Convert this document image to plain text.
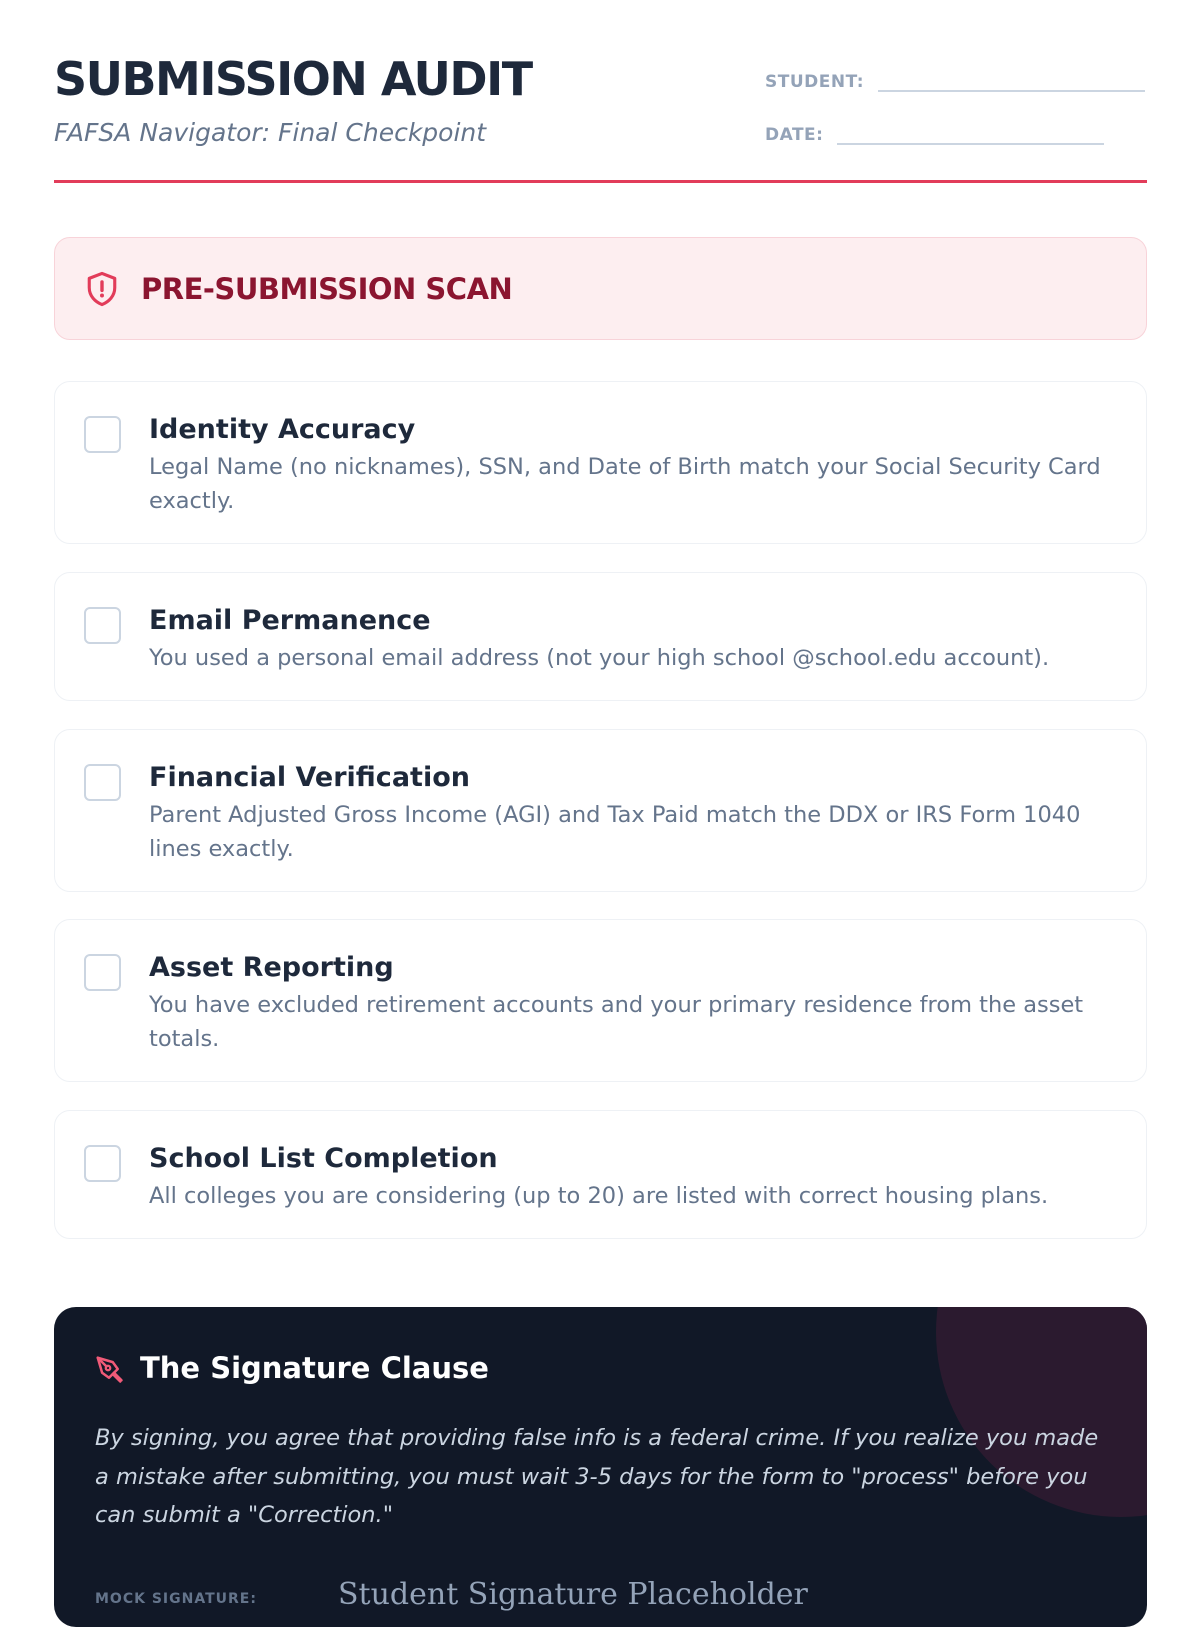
SUBMISSION AUDIT

FAFSA Navigator: Final Checkpoint

STUDENT:
DATE:
PRE-SUBMISSION SCAN
Identity Accuracy

Legal Name (no nicknames), SSN, and Date of Birth match your Social Security Card exactly.

Email Permanence

You used a personal email address (not your high school @school.edu account).

Financial Verification

Parent Adjusted Gross Income (AGI) and Tax Paid match the DDX or IRS Form 1040 lines exactly.

Asset Reporting

You have excluded retirement accounts and your primary residence from the asset totals.

School List Completion

All colleges you are considering (up to 20) are listed with correct housing plans.

The Signature Clause

By signing, you agree that providing false info is a federal crime. If you realize you made a mistake after submitting, you must wait 3-5 days for the form to "process" before you can submit a "Correction."

MOCK SIGNATURE:	Student Signature Placeholder
